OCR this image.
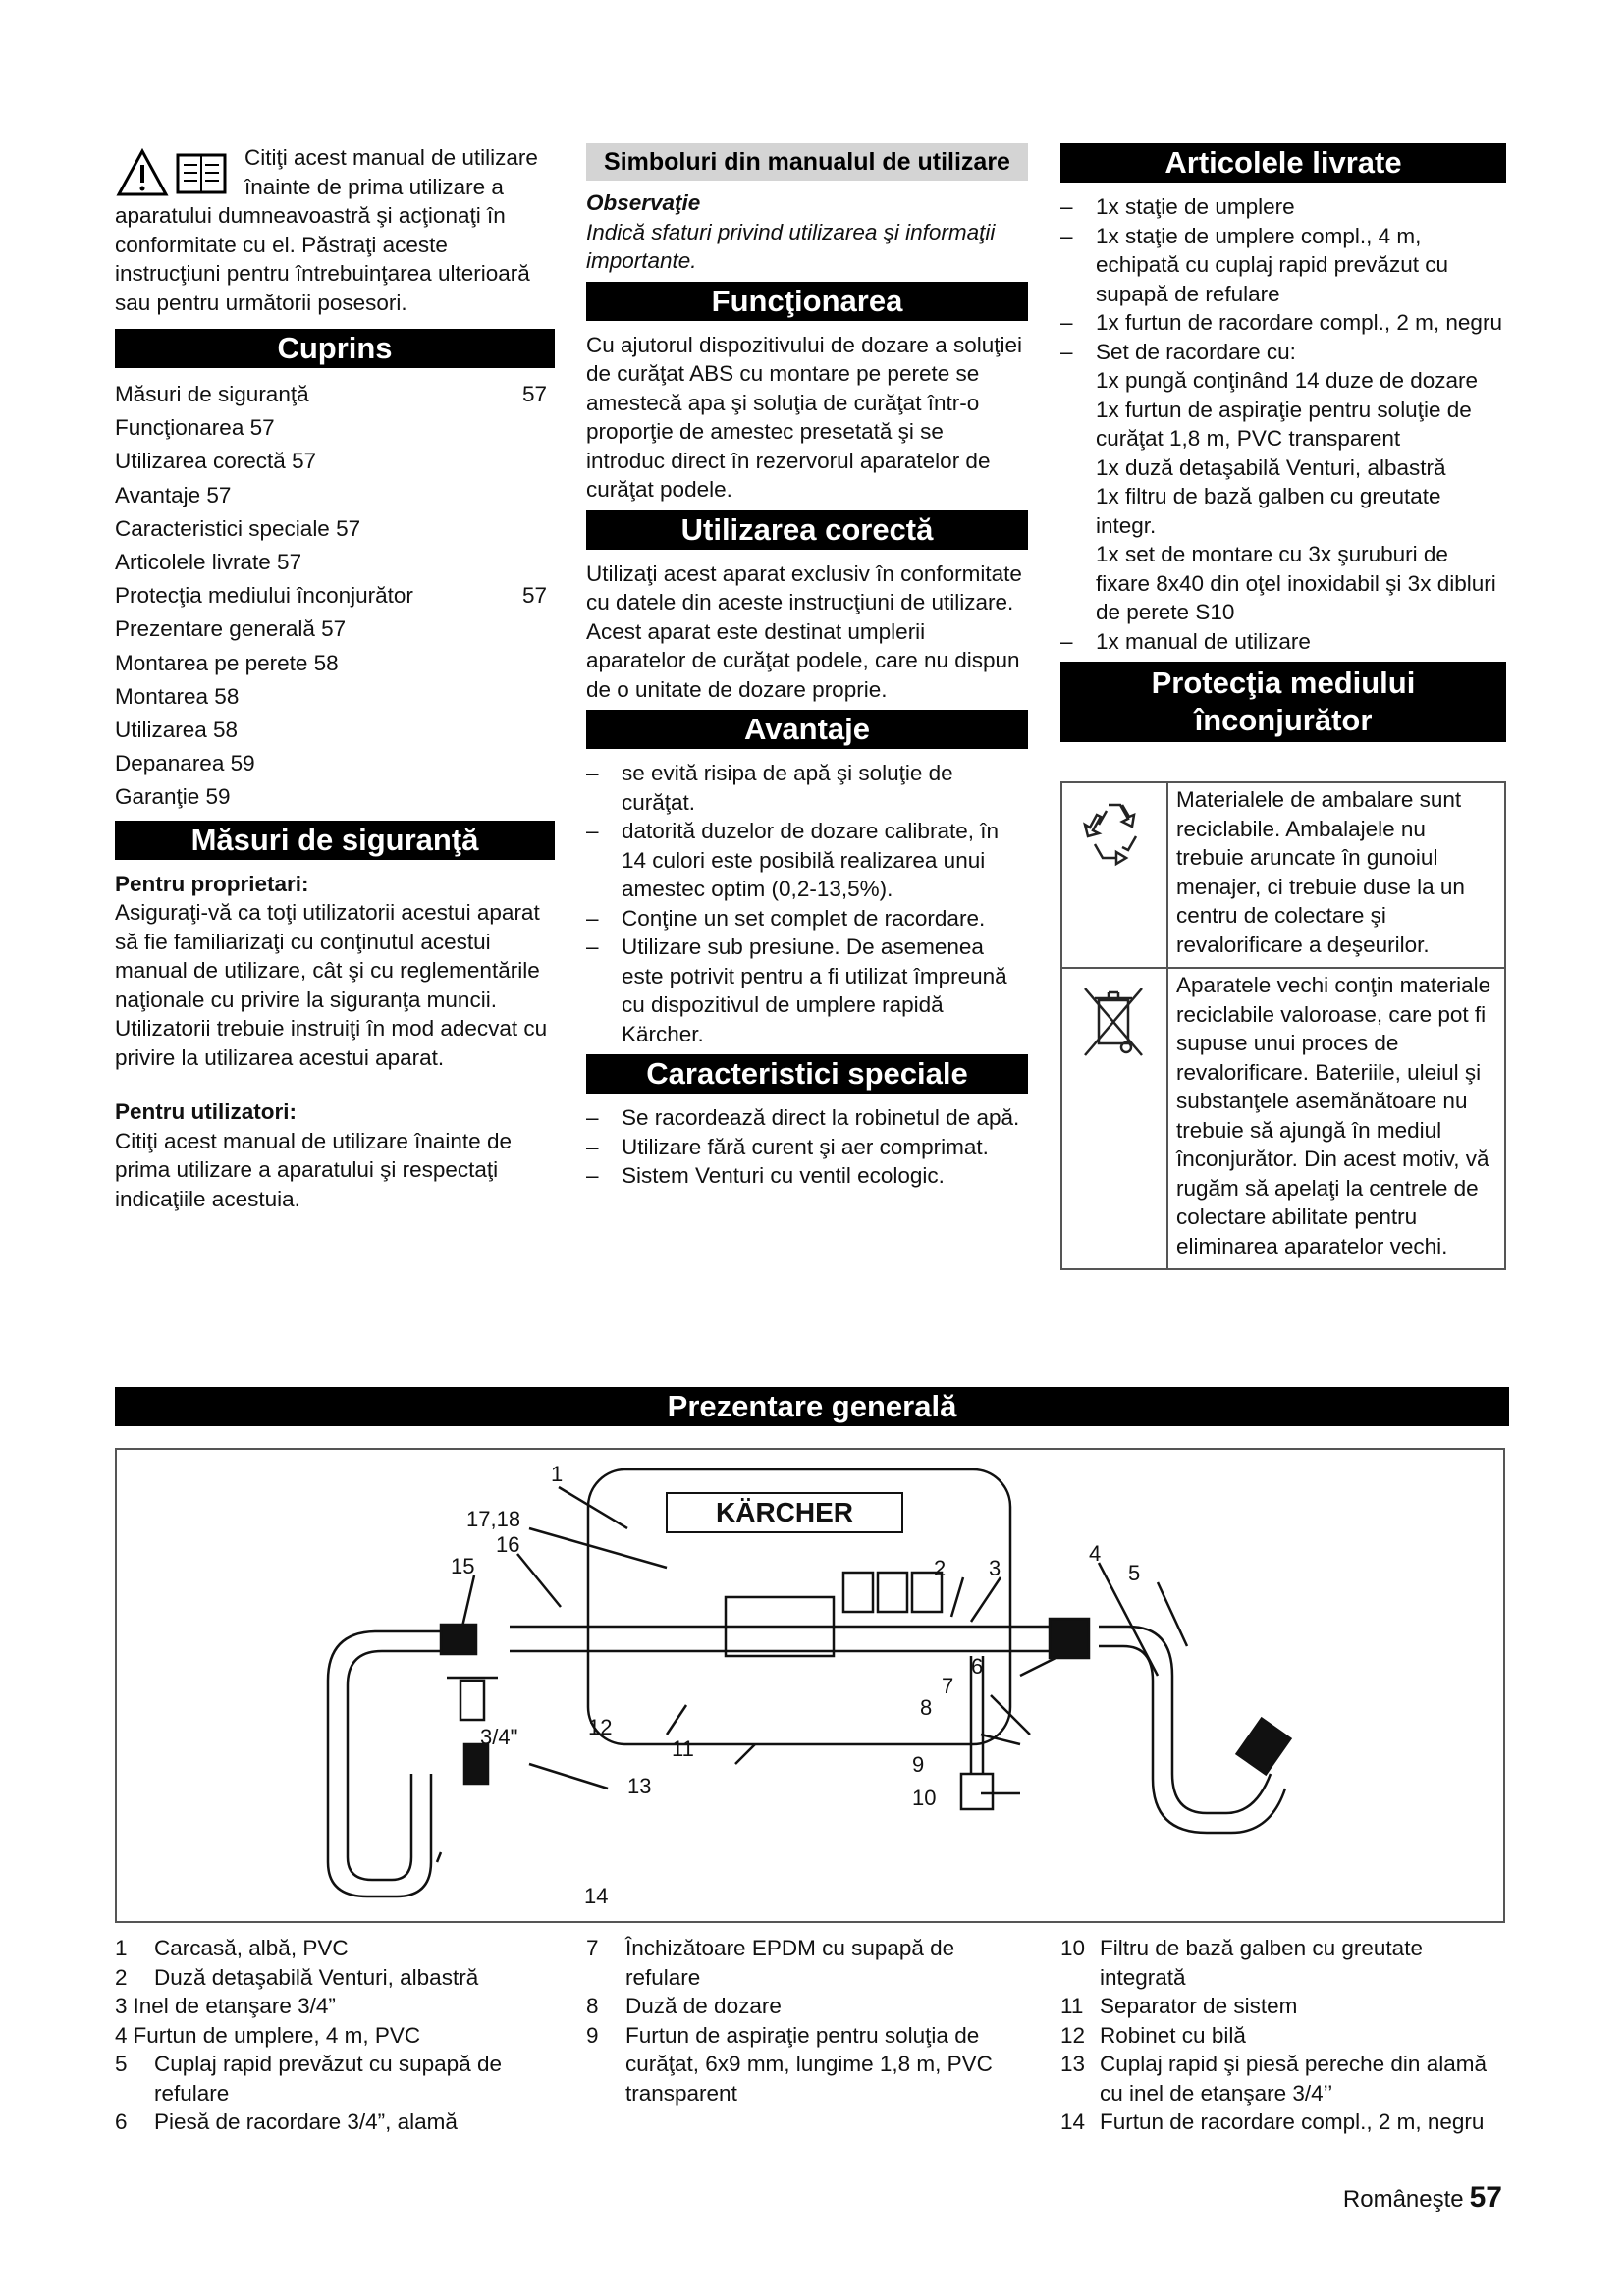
Citiţi acest manual de utilizare înainte de prima utilizare a aparatului dumneavoastră şi acţionaţi în conformitate cu el. Păstraţi aceste instrucţiuni pentru întrebuinţarea ulterioară sau pentru următorii posesori.

Cuprins
Măsuri de siguranţă	57
Funcţionarea 57
Utilizarea corectă 57
Avantaje 57
Caracteristici speciale 57
Articolele livrate 57
Protecţia mediului înconjurător	57
Prezentare generală 57
Montarea pe perete 58
Montarea 58
Utilizarea 58
Depanarea 59
Garanţie 59
Măsuri de siguranţă

Pentru proprietari:

Asiguraţi-vă ca toţi utilizatorii acestui aparat să fie familiarizaţi cu conţinutul acestui manual de utilizare, cât şi cu reglementările naţionale cu privire la siguranţa muncii. Utilizatorii trebuie instruiţi în mod adecvat cu privire la utilizarea acestui aparat.

Pentru utilizatori:

Citiţi acest manual de utilizare înainte de prima utilizare a aparatului şi respectaţi indicaţiile acestuia.

Simboluri din manualul de utilizare

Observaţie

Indică sfaturi privind utilizarea şi informaţii importante.

Funcţionarea

Cu ajutorul dispozitivului de dozare a soluţiei de curăţat ABS cu montare pe perete se amestecă apa şi soluţia de curăţat într-o proporţie de amestec presetată şi se introduc direct în rezervorul aparatelor de curăţat podele.

Utilizarea corectă

Utilizaţi acest aparat exclusiv în conformitate cu datele din aceste instrucţiuni de utilizare.

Acest aparat este destinat umplerii aparatelor de curăţat podele, care nu dispun de o unitate de dozare proprie.

Avantaje

– se evită risipa de apă şi soluţie de curăţat.

– datorită duzelor de dozare calibrate, în 14 culori este posibilă realizarea unui amestec optim (0,2-13,5%).

– Conţine un set complet de racordare.

– Utilizare sub presiune. De asemenea este potrivit pentru a fi utilizat împreună cu dispozitivul de umplere rapidă Kärcher.

Caracteristici speciale

– Se racordează direct la robinetul de apă.

– Utilizare fără curent şi aer comprimat.

– Sistem Venturi cu ventil ecologic.

Articolele livrate

– 1x staţie de umplere

– 1x staţie de umplere compl., 4 m, echipată cu cuplaj rapid prevăzut cu supapă de refulare

– 1x furtun de racordare compl., 2 m, negru

– Set de racordare cu:

1x pungă conţinând 14 duze de dozare

1x furtun de aspiraţie pentru soluţie de curăţat 1,8 m, PVC transparent

1x duză detaşabilă Venturi, albastră

1x filtru de bază galben cu greutate integr.

1x set de montare cu 3x şuruburi de fixare 8x40 din oţel inoxidabil şi 3x dibluri de perete S10

– 1x manual de utilizare

Protecţia mediului
înconjurător
	Materialele de ambalare sunt reciclabile. Ambalajele nu trebuie aruncate în gunoiul menajer, ci trebuie duse la un centru de colectare şi revalorificare a deşeurilor.
	Aparatele vechi conţin materiale reciclabile valoroase, care pot fi supuse unui proces de revalorificare. Bateriile, uleiul şi substanţele asemănătoare nu trebuie să ajungă în mediul înconjurător. Din acest motiv, vă rugăm să apelaţi la centrele de colectare abilitate pentru eliminarea aparatelor vechi.
Prezentare generală
KÄRCHER
1
17,18
16
15	2 3
4
5
6
7
8
9
10
11
12
13
14
3/4"
1	Carcasă, albă, PVC
2	Duză detaşabilă Venturi, albastră
3 Inel de etanşare 3/4”
4 Furtun de umplere, 4 m, PVC
5	Cuplaj rapid prevăzut cu supapă de refulare
6	Piesă de racordare 3/4”, alamă
7	Închizătoare EPDM cu supapă de refulare
8	Duză de dozare
9	Furtun de aspiraţie pentru soluţia de curăţat, 6x9 mm, lungime 1,8 m, PVC transparent
10 Filtru de bază galben cu greutate integrată
11 Separator de sistem
12 Robinet cu bilă
13 Cuplaj rapid şi piesă pereche din alamă cu inel de etanşare 3/4’’
14 Furtun de racordare compl., 2 m, negru
Româneşte 57
